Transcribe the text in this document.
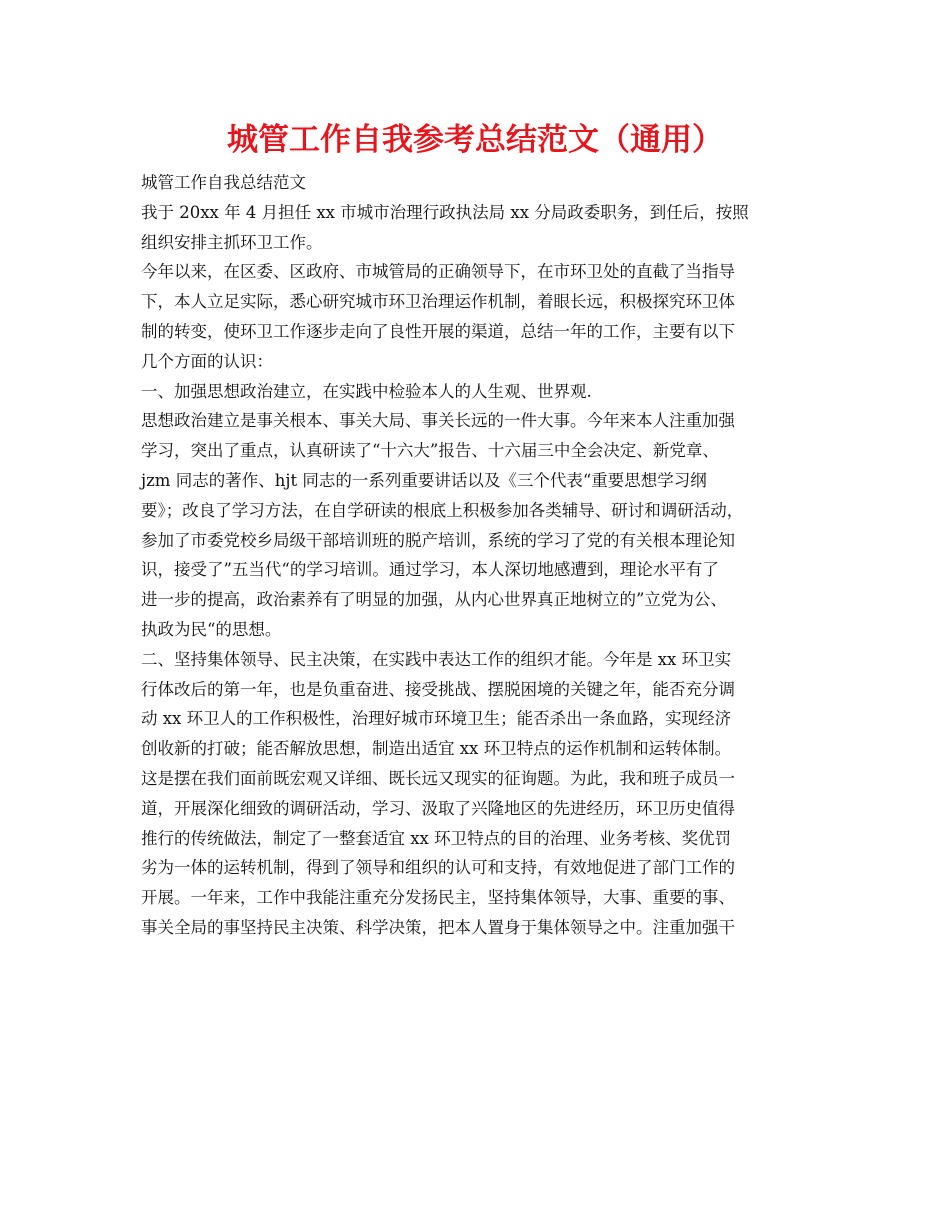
城管工作自我参考总结范文（通用）
城管工作自我总结范文
我于 20xx 年 4 月担任 xx 市城市治理行政执法局 xx 分局政委职务，到任后，按照
组织安排主抓环卫工作。
今年以来，在区委、区政府、市城管局的正确领导下，在市环卫处的直截了当指导
下，本人立足实际，悉心研究城市环卫治理运作机制，着眼长远，积极探究环卫体
制的转变，使环卫工作逐步走向了良性开展的渠道，总结一年的工作，主要有以下
几个方面的认识：
一、加强思想政治建立，在实践中检验本人的人生观、世界观.
思想政治建立是事关根本、事关大局、事关长远的一件大事。今年来本人注重加强
学习，突出了重点，认真研读了“十六大”报告、十六届三中全会决定、新党章、
jzm 同志的著作、hjt 同志的一系列重要讲话以及《三个代表“重要思想学习纲
要》；改良了学习方法，在自学研读的根底上积极参加各类辅导、研讨和调研活动，
参加了市委党校乡局级干部培训班的脱产培训，系统的学习了党的有关根本理论知
识，接受了”五当代“的学习培训。通过学习，本人深切地感遭到，理论水平有了
进一步的提高，政治素养有了明显的加强，从内心世界真正地树立的”立党为公、
执政为民“的思想。
二、坚持集体领导、民主决策，在实践中表达工作的组织才能。今年是 xx 环卫实
行体改后的第一年，也是负重奋进、接受挑战、摆脱困境的关键之年，能否充分调
动 xx 环卫人的工作积极性，治理好城市环境卫生；能否杀出一条血路，实现经济
创收新的打破；能否解放思想，制造出适宜 xx 环卫特点的运作机制和运转体制。
这是摆在我们面前既宏观又详细、既长远又现实的征询题。为此，我和班子成员一
道，开展深化细致的调研活动，学习、汲取了兴隆地区的先进经历，环卫历史值得
推行的传统做法，制定了一整套适宜 xx 环卫特点的目的治理、业务考核、奖优罚
劣为一体的运转机制，得到了领导和组织的认可和支持，有效地促进了部门工作的
开展。一年来，工作中我能注重充分发扬民主，坚持集体领导，大事、重要的事、
事关全局的事坚持民主决策、科学决策，把本人置身于集体领导之中。注重加强干
